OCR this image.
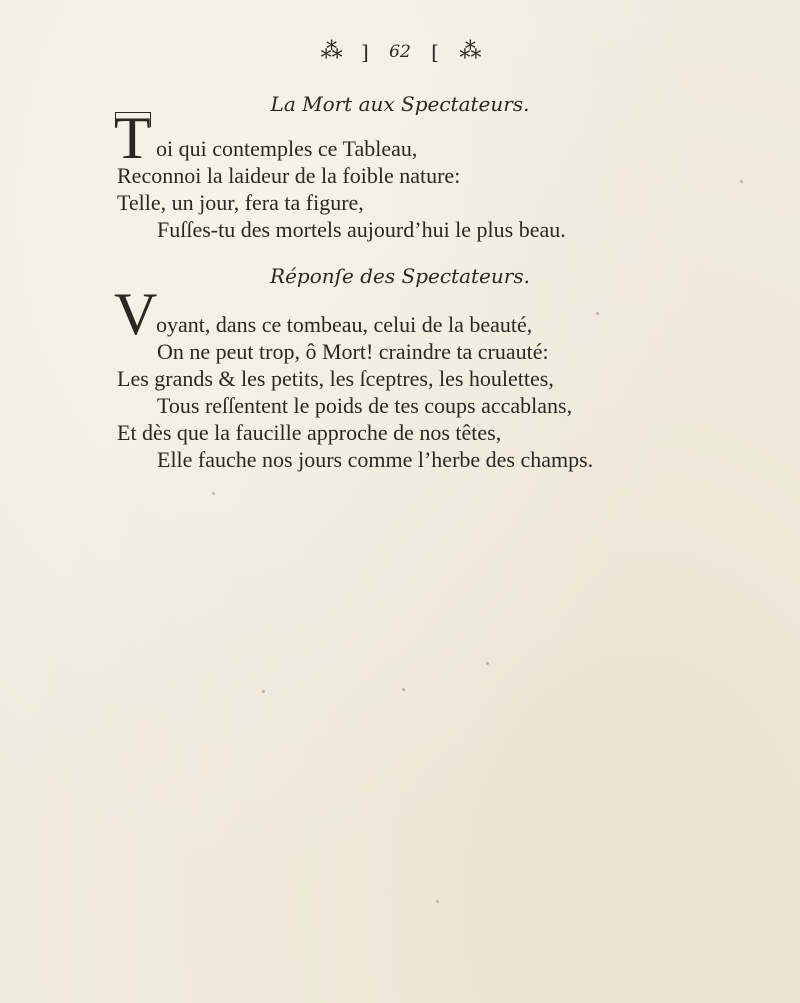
⁂ ] 62 [ ⁂
La Mort aux Spectateurs.
T oi qui contemples ce Tableau,
Reconnoi la laideur de la foible nature:
Telle, un jour, fera ta figure,
Fuſſes-tu des mortels aujourd’hui le plus beau.
Réponſe des Spectateurs.
V
oyant, dans ce tombeau, celui de la beauté,
On ne peut trop, ô Mort! craindre ta cruauté:
Les grands & les petits, les ſceptres, les houlettes,
Tous reſſentent le poids de tes coups accablans,
Et dès que la faucille approche de nos têtes,
Elle fauche nos jours comme l’herbe des champs.
